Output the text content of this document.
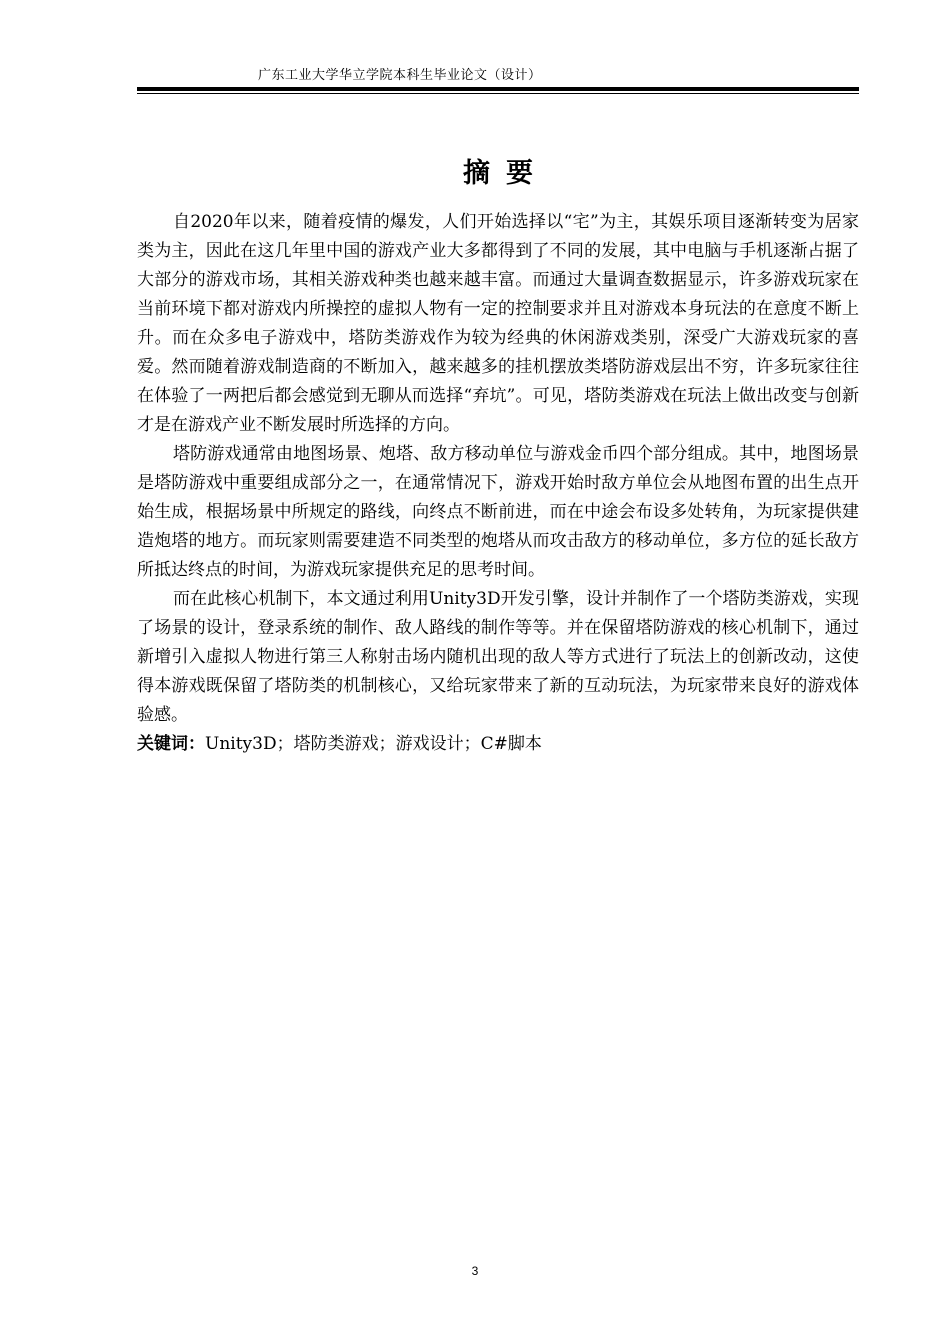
广东工业大学华立学院本科生毕业论文（设计）
摘要

自2020年以来，随着疫情的爆发，人们开始选择以“宅”为主，其娱乐项目逐渐转变为居家类为主，因此在这几年里中国的游戏产业大多都得到了不同的发展，其中电脑与手机逐渐占据了大部分的游戏市场，其相关游戏种类也越来越丰富。而通过大量调查数据显示，许多游戏玩家在当前环境下都对游戏内所操控的虚拟人物有一定的控制要求并且对游戏本身玩法的在意度不断上升。而在众多电子游戏中，塔防类游戏作为较为经典的休闲游戏类别，深受广大游戏玩家的喜爱。然而随着游戏制造商的不断加入，越来越多的挂机摆放类塔防游戏层出不穷，许多玩家往往在体验了一两把后都会感觉到无聊从而选择“弃坑”。可见，塔防类游戏在玩法上做出改变与创新才是在游戏产业不断发展时所选择的方向。

塔防游戏通常由地图场景、炮塔、敌方移动单位与游戏金币四个部分组成。其中，地图场景是塔防游戏中重要组成部分之一，在通常情况下，游戏开始时敌方单位会从地图布置的出生点开始生成，根据场景中所规定的路线，向终点不断前进，而在中途会布设多处转角，为玩家提供建造炮塔的地方。而玩家则需要建造不同类型的炮塔从而攻击敌方的移动单位，多方位的延长敌方所抵达终点的时间，为游戏玩家提供充足的思考时间。

而在此核心机制下，本文通过利用Unity3D开发引擎，设计并制作了一个塔防类游戏，实现了场景的设计，登录系统的制作、敌人路线的制作等等。并在保留塔防游戏的核心机制下，通过新增引入虚拟人物进行第三人称射击场内随机出现的敌人等方式进行了玩法上的创新改动，这使得本游戏既保留了塔防类的机制核心，又给玩家带来了新的互动玩法，为玩家带来良好的游戏体验感。

关键词：Unity3D；塔防类游戏；游戏设计；C#脚本

3
